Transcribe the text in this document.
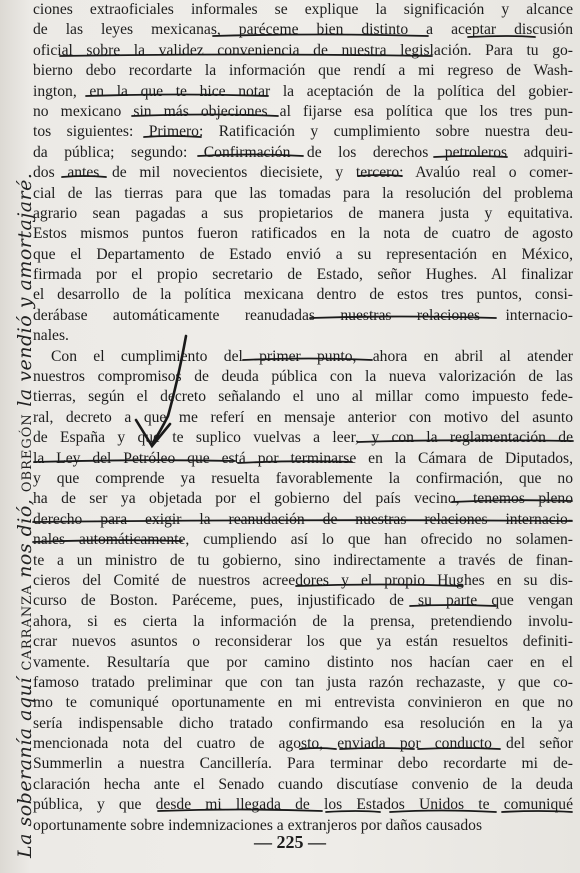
ciones extraoficiales informales se explique la significación y alcance
de las leyes mexicanas, parécemе bien distinto a aceptar discusión
oficial sobre la validez conveniencia de nuestra legislación. Para tu go-
bierno debo recordarte la información que rendí a mi regreso de Wash-
ington, en la que te hice notar la aceptación de la política del gobier-
no mexicano sin más objeciones al fijarse esa política que los tres pun-
tos siguientes: Primero: Ratificación y cumplimiento sobre nuestra deu-
da pública; segundo: Confirmación de los derechos petroleros adquiri-
dos antes de mil novecientos diecisiete, y tercero: Avalúo real o comer-
cial de las tierras para que las tomadas para la resolución del problema
agrario sean pagadas a sus propietarios de manera justa y equitativa.
Estos mismos puntos fueron ratificados en la nota de cuatro de agosto
que el Departamento de Estado envió a su representación en México,
firmada por el propio secretario de Estado, señor Hughes. Al finalizar
el desarrollo de la política mexicana dentro de estos tres puntos, consi-
derábase automáticamente reanudadas nuestras relaciones internacio-
nales.
Con el cumplimiento del primer punto, ahora en abril al atender
nuestros compromisos de deuda pública con la nueva valorización de las
tierras, según el decreto señalando el uno al millar como impuesto fede-
ral, decreto a que me referí en mensaje anterior con motivo del asunto
de España y que te suplico vuelvas a leer, y con la reglamentación de
la Ley del Petróleo que está por terminarse en la Cámara de Diputados,
y que comprende ya resuelta favorablemente la confirmación, que no
ha de ser ya objetada por el gobierno del país vecino, tenemos pleno
derecho para exigir la reanudación de nuestras relaciones internacio-
nales automáticamente, cumpliendo así lo que han ofrecido no solamen-
te a un ministro de tu gobierno, sino indirectamente a través de finan-
cieros del Comité de nuestros acreedores y el propio Hughes en su dis-
curso de Boston. Parécemе, pues, injustificado de su parte que vengan
ahora, si es cierta la información de la prensa, pretendiendo involu-
crar nuevos asuntos o reconsiderar los que ya están resueltos definiti-
vamente. Resultaría que por camino distinto nos hacían caer en el
famoso tratado preliminar que con tan justa razón rechazaste, y que co-
mo te comuniqué oportunamente en mi entrevista convinieron en que no
sería indispensable dicho tratado confirmando esa resolución en la ya
mencionada nota del cuatro de agosto, enviada por conducto del señor
Summerlin a nuestra Cancillería. Para terminar debo recordarte mi de-
claración hecha ante el Senado cuando discutíase convenio de la deuda
pública, y que desde mi llegada de los Estados Unidos te comuniqué
oportunamente sobre indemnizaciones a extranjeros por daños causados
— 225 —
La soberanía aquí CARRANZA nos dió, OBREGÓN la vendió y amortajaré.
